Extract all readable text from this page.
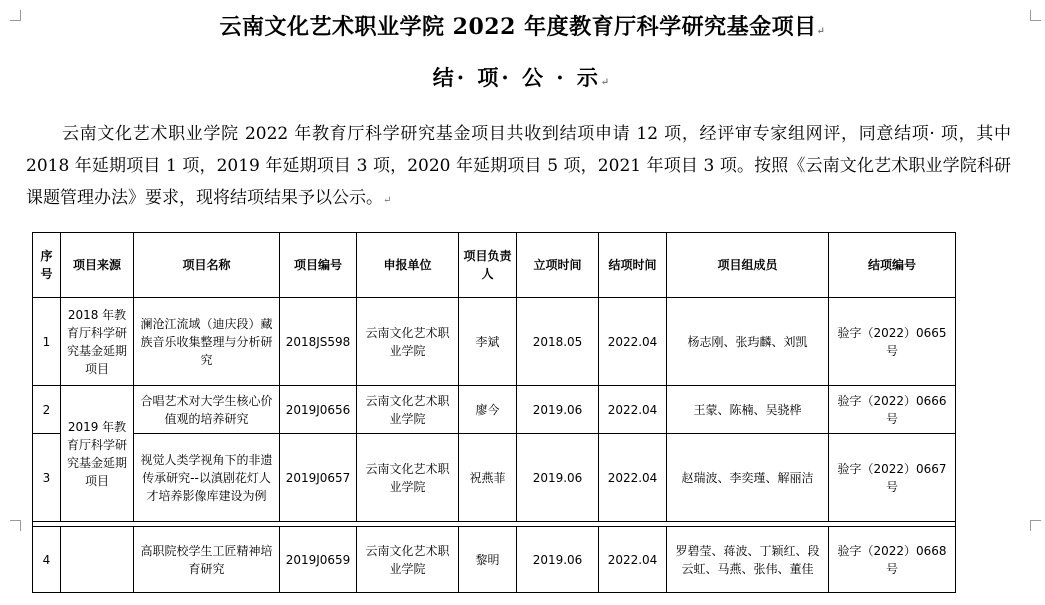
云南文化艺术职业学院 2022 年度教育厅科学研究基金项目↵
结· 项· 公 · 示↵
云南文化艺术职业学院 2022 年教育厅科学研究基金项目共收到结项申请 12 项，经评审专家组网评，同意结项· 项，其中 2018 年延期项目 1 项，2019 年延期项目 3 项，2020 年延期项目 5 项，2021 年项目 3 项。按照《云南文化艺术职业学院科研课题管理办法》要求，现将结项结果予以公示。↵
序号	项目来源	项目名称	项目编号	申报单位	项目负责人	立项时间	结项时间	项目组成员	结项编号
1	2018 年教育厅科学研究基金延期项目	澜沧江流域（迪庆段）藏族音乐收集整理与分析研究	2018JS598	云南文化艺术职业学院	李斌	2018.05	2022.04	杨志刚、张玙麟、刘凯	验字（2022）0665号
2	2019 年教育厅科学研究基金延期项目	合唱艺术对大学生核心价值观的培养研究	2019J0656	云南文化艺术职业学院	廖今	2019.06	2022.04	王蒙、陈楠、吴骁桦	验字（2022）0666号
3		视觉人类学视角下的非遗传承研究--以滇剧花灯人才培养影像库建设为例	2019J0657	云南文化艺术职业学院	祝燕菲	2019.06	2022.04	赵瑞波、李奕瑾、解丽洁	验字（2022）0667号

4		高职院校学生工匠精神培育研究	2019J0659	云南文化艺术职业学院	黎明	2019.06	2022.04	罗碧莹、蒋波、丁颖红、段云虹、马燕、张伟、董佳	验字（2022）0668号
